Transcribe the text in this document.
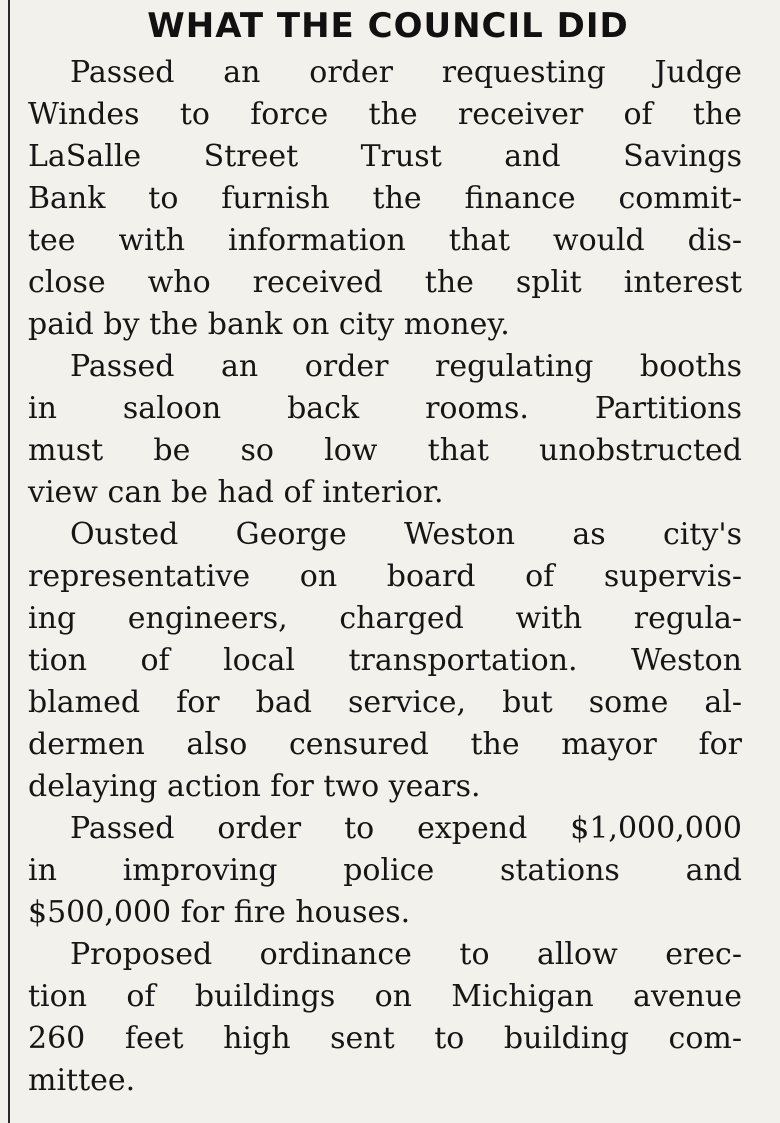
WHAT THE COUNCIL DID
Passed an order requesting Judge
Windes to force the receiver of the
LaSalle Street Trust and Savings
Bank to furnish the finance commit-
tee with information that would dis-
close who received the split interest
paid by the bank on city money.
Passed an order regulating booths
in saloon back rooms. Partitions
must be so low that unobstructed
view can be had of interior.
Ousted George Weston as city's
representative on board of supervis-
ing engineers, charged with regula-
tion of local transportation. Weston
blamed for bad service, but some al-
dermen also censured the mayor for
delaying action for two years.
Passed order to expend $1,000,000
in improving police stations and
$500,000 for fire houses.
Proposed ordinance to allow erec-
tion of buildings on Michigan avenue
260 feet high sent to building com-
mittee.
